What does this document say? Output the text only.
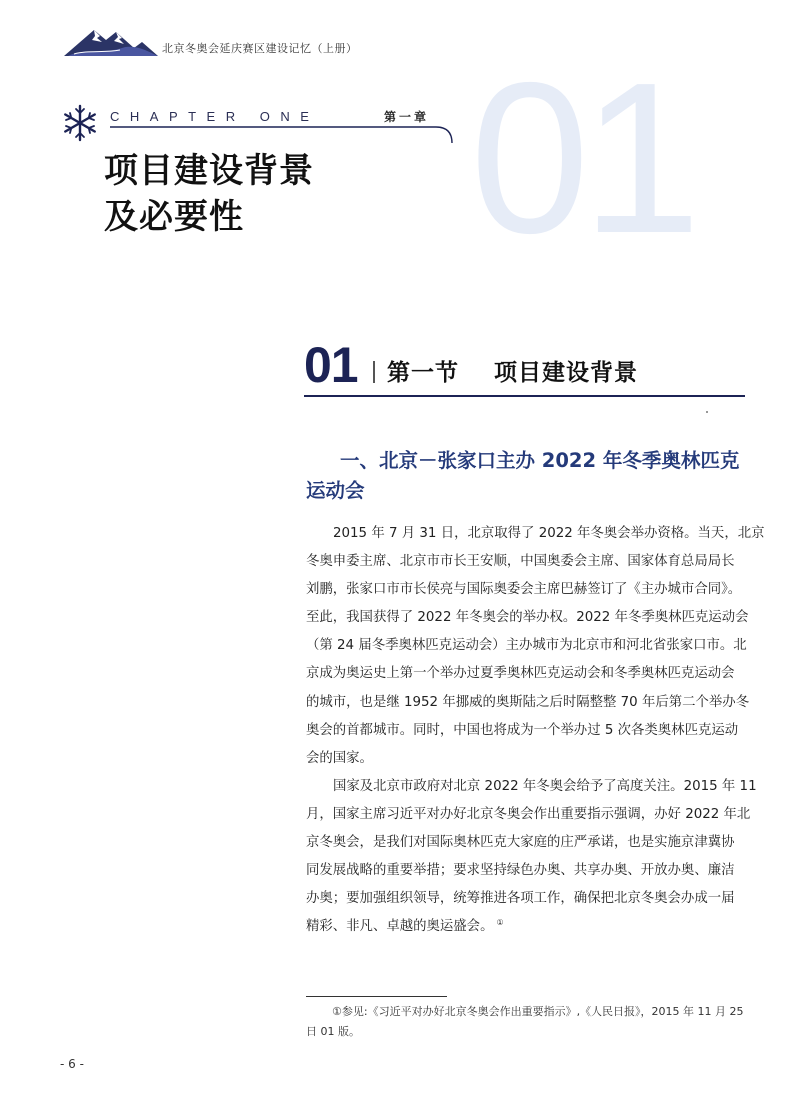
北京冬奥会延庆赛区建设记忆（上册） 01
CHAPTER ONE	第一章
项目建设背景
及必要性
01 第一节 项目建设背景
一、北京－张家口主办 2022 年冬季奥林匹克
运动会
2015 年 7 月 31 日，北京取得了 2022 年冬奥会举办资格。当天，北京
冬奥申委主席、北京市市长王安顺，中国奥委会主席、国家体育总局局长
刘鹏，张家口市市长侯亮与国际奥委会主席巴赫签订了《主办城市合同》。
至此，我国获得了 2022 年冬奥会的举办权。2022 年冬季奥林匹克运动会
（第 24 届冬季奥林匹克运动会）主办城市为北京市和河北省张家口市。北
京成为奥运史上第一个举办过夏季奥林匹克运动会和冬季奥林匹克运动会
的城市，也是继 1952 年挪威的奥斯陆之后时隔整整 70 年后第二个举办冬
奥会的首都城市。同时，中国也将成为一个举办过 5 次各类奥林匹克运动
会的国家。
国家及北京市政府对北京 2022 年冬奥会给予了高度关注。2015 年 11
月，国家主席习近平对办好北京冬奥会作出重要指示强调，办好 2022 年北
京冬奥会，是我们对国际奥林匹克大家庭的庄严承诺，也是实施京津冀协
同发展战略的重要举措；要求坚持绿色办奥、共享办奥、开放办奥、廉洁
办奥；要加强组织领导，统筹推进各项工作，确保把北京冬奥会办成一届
精彩、非凡、卓越的奥运盛会。 ①
①参见:《习近平对办好北京冬奥会作出重要指示》,《人民日报》，2015 年 11 月 25
日 01 版。
- 6 -
